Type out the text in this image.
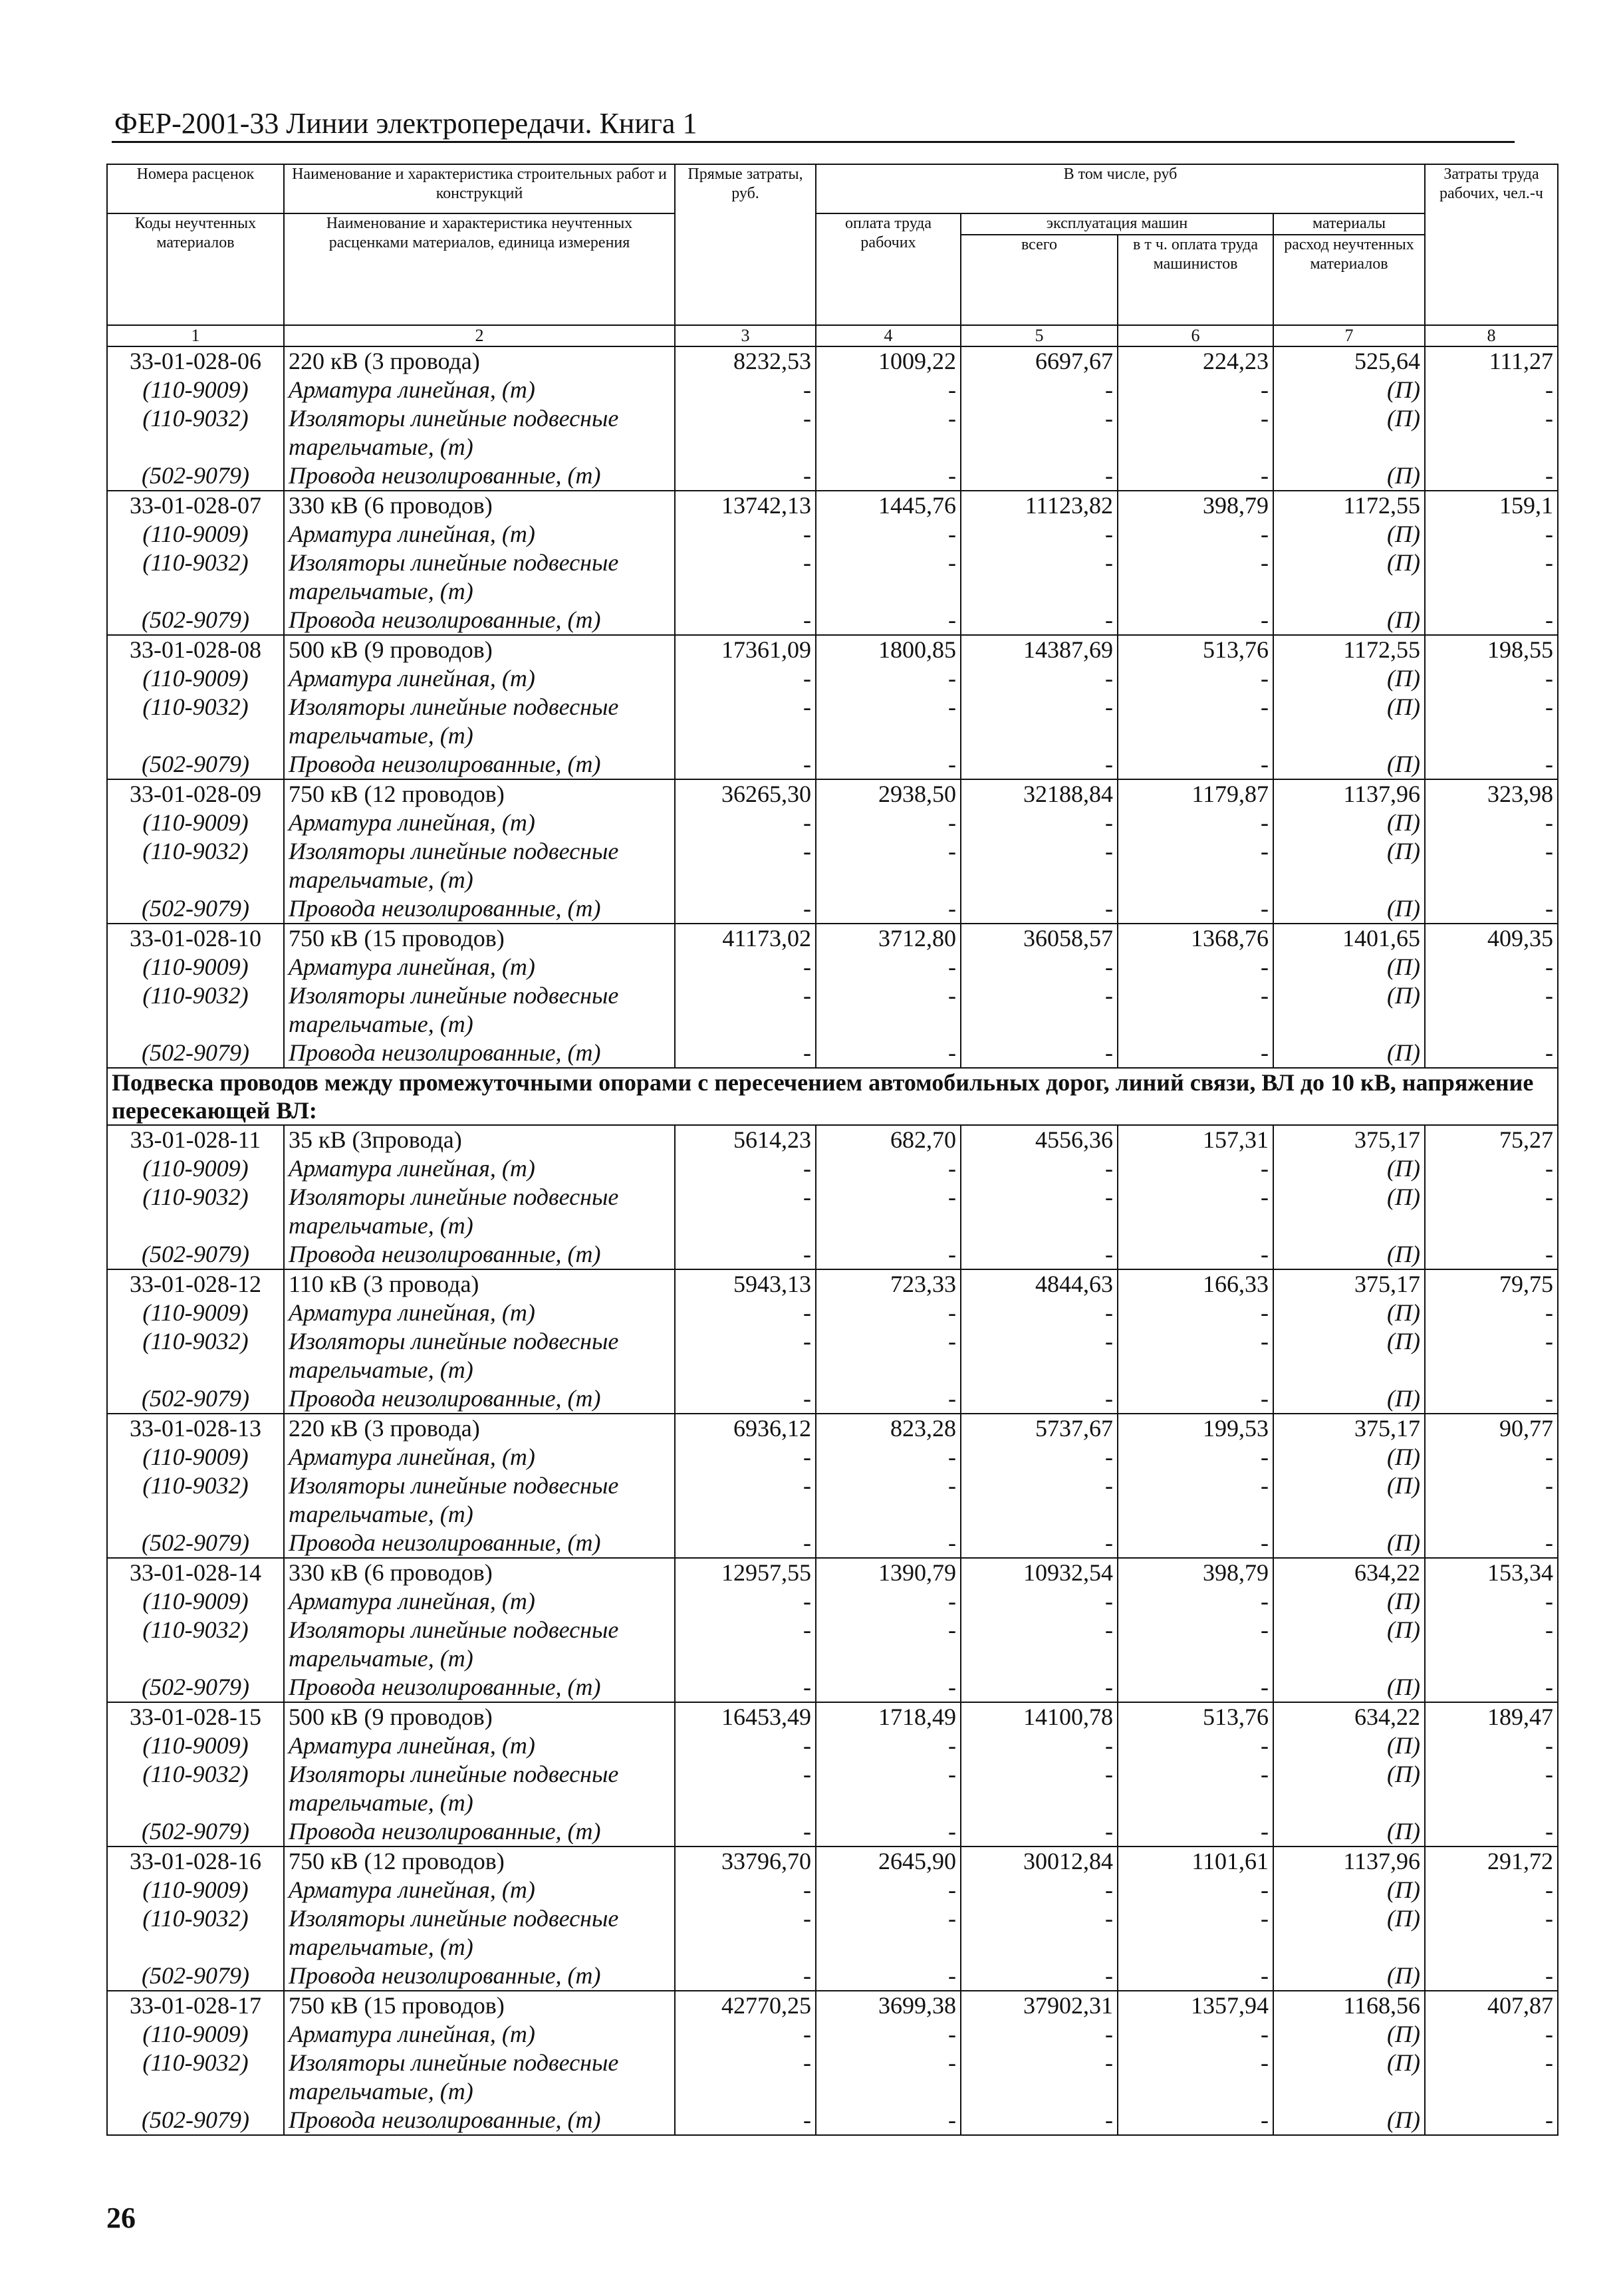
ФЕР-2001-33 Линии электропередачи. Книга 1
Номера расценок	Наименование и характеристика строительных работ и конструкций	Прямые затраты, руб.	В том числе, руб				Затраты труда рабочих, чел.-ч
Коды неучтенных материалов	Наименование и характеристика неучтенных расценками материалов, единица измерения		оплата труда рабочих	эксплуатация машин		материалы	
				всего	в т ч. оплата труда машинистов	расход неучтенных материалов	
1	2	3	4	5	6	7	8
33-01-028-06	220 кВ (3 провода)	8232,53	1009,22	6697,67	224,23	525,64	111,27
(110-9009)	Арматура линейная, (т)	-	-	-	-	(П)	-
(110-9032)	Изоляторы линейные подвесные	-	-	-	-	(П)	-
	тарельчатые, (т)						
(502-9079)	Провода неизолированные, (т)	-	-	-	-	(П)	-
33-01-028-07	330 кВ (6 проводов)	13742,13	1445,76	11123,82	398,79	1172,55	159,1
(110-9009)	Арматура линейная, (т)	-	-	-	-	(П)	-
(110-9032)	Изоляторы линейные подвесные	-	-	-	-	(П)	-
	тарельчатые, (т)						
(502-9079)	Провода неизолированные, (т)	-	-	-	-	(П)	-
33-01-028-08	500 кВ (9 проводов)	17361,09	1800,85	14387,69	513,76	1172,55	198,55
(110-9009)	Арматура линейная, (т)	-	-	-	-	(П)	-
(110-9032)	Изоляторы линейные подвесные	-	-	-	-	(П)	-
	тарельчатые, (т)						
(502-9079)	Провода неизолированные, (т)	-	-	-	-	(П)	-
33-01-028-09	750 кВ (12 проводов)	36265,30	2938,50	32188,84	1179,87	1137,96	323,98
(110-9009)	Арматура линейная, (т)	-	-	-	-	(П)	-
(110-9032)	Изоляторы линейные подвесные	-	-	-	-	(П)	-
	тарельчатые, (т)						
(502-9079)	Провода неизолированные, (т)	-	-	-	-	(П)	-
33-01-028-10	750 кВ (15 проводов)	41173,02	3712,80	36058,57	1368,76	1401,65	409,35
(110-9009)	Арматура линейная, (т)	-	-	-	-	(П)	-
(110-9032)	Изоляторы линейные подвесные	-	-	-	-	(П)	-
	тарельчатые, (т)						
(502-9079)	Провода неизолированные, (т)	-	-	-	-	(П)	-
Подвеска проводов между промежуточными опорами с пересечением автомобильных дорог, линий связи, ВЛ до 10 кВ, напряжение пересекающей ВЛ:							
33-01-028-11	35 кВ (3провода)	5614,23	682,70	4556,36	157,31	375,17	75,27
(110-9009)	Арматура линейная, (т)	-	-	-	-	(П)	-
(110-9032)	Изоляторы линейные подвесные	-	-	-	-	(П)	-
	тарельчатые, (т)						
(502-9079)	Провода неизолированные, (т)	-	-	-	-	(П)	-
33-01-028-12	110 кВ (3 провода)	5943,13	723,33	4844,63	166,33	375,17	79,75
(110-9009)	Арматура линейная, (т)	-	-	-	-	(П)	-
(110-9032)	Изоляторы линейные подвесные	-	-	-	-	(П)	-
	тарельчатые, (т)						
(502-9079)	Провода неизолированные, (т)	-	-	-	-	(П)	-
33-01-028-13	220 кВ (3 провода)	6936,12	823,28	5737,67	199,53	375,17	90,77
(110-9009)	Арматура линейная, (т)	-	-	-	-	(П)	-
(110-9032)	Изоляторы линейные подвесные	-	-	-	-	(П)	-
	тарельчатые, (т)						
(502-9079)	Провода неизолированные, (т)	-	-	-	-	(П)	-
33-01-028-14	330 кВ (6 проводов)	12957,55	1390,79	10932,54	398,79	634,22	153,34
(110-9009)	Арматура линейная, (т)	-	-	-	-	(П)	-
(110-9032)	Изоляторы линейные подвесные	-	-	-	-	(П)	-
	тарельчатые, (т)						
(502-9079)	Провода неизолированные, (т)	-	-	-	-	(П)	-
33-01-028-15	500 кВ (9 проводов)	16453,49	1718,49	14100,78	513,76	634,22	189,47
(110-9009)	Арматура линейная, (т)	-	-	-	-	(П)	-
(110-9032)	Изоляторы линейные подвесные	-	-	-	-	(П)	-
	тарельчатые, (т)						
(502-9079)	Провода неизолированные, (т)	-	-	-	-	(П)	-
33-01-028-16	750 кВ (12 проводов)	33796,70	2645,90	30012,84	1101,61	1137,96	291,72
(110-9009)	Арматура линейная, (т)	-	-	-	-	(П)	-
(110-9032)	Изоляторы линейные подвесные	-	-	-	-	(П)	-
	тарельчатые, (т)						
(502-9079)	Провода неизолированные, (т)	-	-	-	-	(П)	-
33-01-028-17	750 кВ (15 проводов)	42770,25	3699,38	37902,31	1357,94	1168,56	407,87
(110-9009)	Арматура линейная, (т)	-	-	-	-	(П)	-
(110-9032)	Изоляторы линейные подвесные	-	-	-	-	(П)	-
	тарельчатые, (т)						
(502-9079)	Провода неизолированные, (т)	-	-	-	-	(П)	-
26
